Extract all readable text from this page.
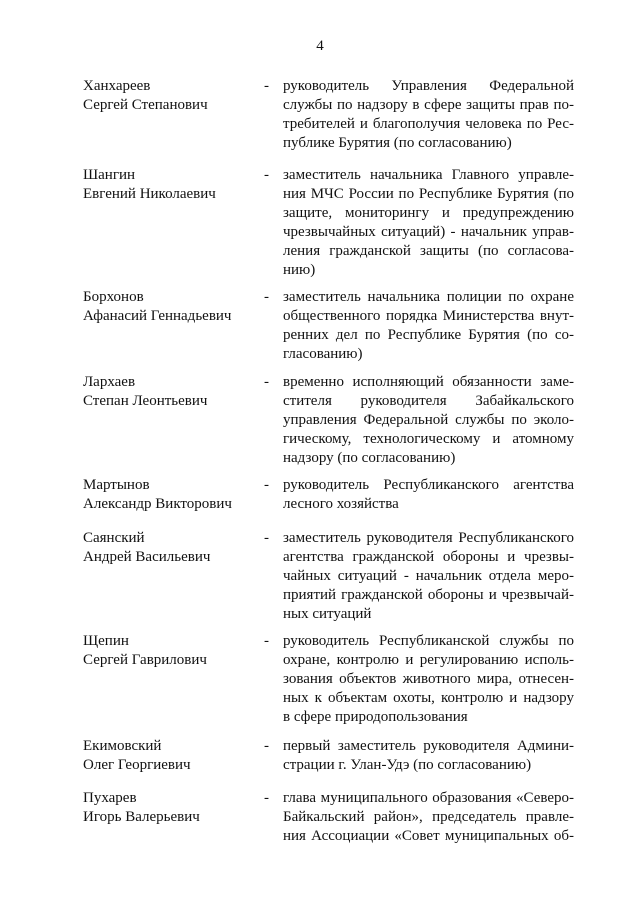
4
Ханхареев
Сергей Степанович
- руководитель Управления Федеральной
службы по надзору в сфере защиты прав по-
требителей и благополучия человека по Рес-
публике Бурятия (по согласованию)
Шангин
Евгений Николаевич
- заместитель начальника Главного управле-
ния МЧС России по Республике Бурятия (по
защите, мониторингу и предупреждению
чрезвычайных ситуаций) - начальник управ-
ления гражданской защиты (по согласова-
нию)
Борхонов
Афанасий Геннадьевич
- заместитель начальника полиции по охране
общественного порядка Министерства внут-
ренних дел по Республике Бурятия (по со-
гласованию)
Лархаев
Степан Леонтьевич
- временно исполняющий обязанности заме-
стителя руководителя Забайкальского
управления Федеральной службы по эколо-
гическому, технологическому и атомному
надзору (по согласованию)
Мартынов
Александр Викторович
- руководитель Республиканского агентства
лесного хозяйства
Саянский
Андрей Васильевич
- заместитель руководителя Республиканского
агентства гражданской обороны и чрезвы-
чайных ситуаций - начальник отдела меро-
приятий гражданской обороны и чрезвычай-
ных ситуаций
Щепин
Сергей Гаврилович
- руководитель Республиканской службы по
охране, контролю и регулированию исполь-
зования объектов животного мира, отнесен-
ных к объектам охоты, контролю и надзору
в сфере природопользования
Екимовский
Олег Георгиевич
- первый заместитель руководителя Админи-
страции г. Улан-Удэ (по согласованию)
Пухарев
Игорь Валерьевич
- глава муниципального образования «Северо-
Байкальский район», председатель правле-
ния Ассоциации «Совет муниципальных об-
